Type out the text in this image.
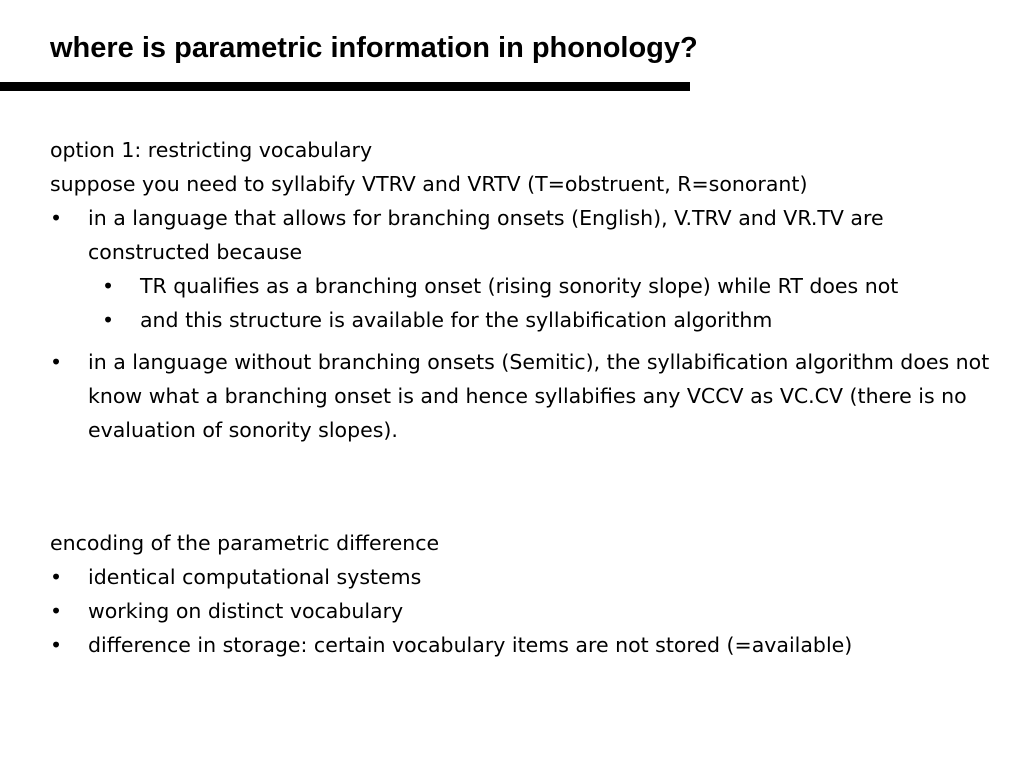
where is parametric information in phonology?

option 1: restricting vocabulary

suppose you need to syllabify VTRV and VRTV (T=obstruent, R=sonorant)

•	in a language that allows for branching onsets (English), V.TRV and VR.TV are constructed because
•	TR qualifies as a branching onset (rising sonority slope) while RT does not
•	and this structure is available for the syllabification algorithm
•	in a language without branching onsets (Semitic), the syllabification algorithm does not know what a branching onset is and hence syllabifies any VCCV as VC.CV (there is no evaluation of sonority slopes).

encoding of the parametric difference

•	identical computational systems
•	working on distinct vocabulary
•	difference in storage: certain vocabulary items are not stored (=available)
